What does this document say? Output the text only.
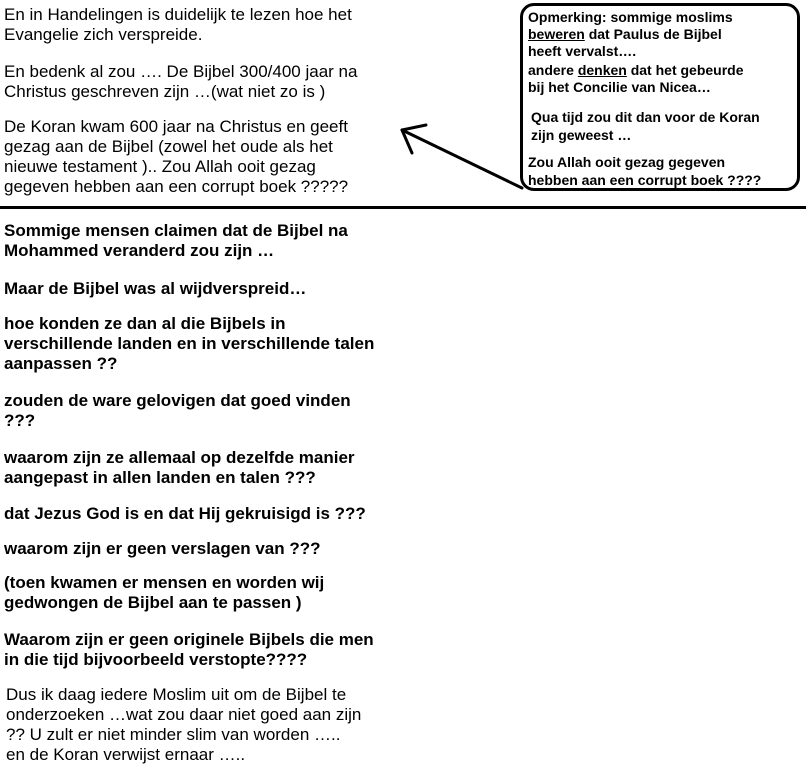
En in Handelingen is duidelijk te lezen hoe het
Evangelie zich verspreide.

En bedenk al zou …. De Bijbel 300/400 jaar na
Christus geschreven zijn …(wat niet zo is )

De Koran kwam 600 jaar na Christus en geeft
gezag aan de Bijbel (zowel het oude als het
nieuwe testament ).. Zou Allah ooit gezag
gegeven hebben aan een corrupt boek ?????

Opmerking: sommige moslims
beweren dat Paulus de Bijbel
heeft vervalst….
andere denken dat het gebeurde
bij het Concilie van Nicea…
Qua tijd zou dit dan voor de Koran
zijn geweest …
Zou Allah ooit gezag gegeven
hebben aan een corrupt boek ????

Sommige mensen claimen dat de Bijbel na
Mohammed veranderd zou zijn …

Maar de Bijbel was al wijdverspreid…

hoe konden ze dan al die Bijbels in
verschillende landen en in verschillende talen
aanpassen ??

zouden de ware gelovigen dat goed vinden
???

waarom zijn ze allemaal op dezelfde manier
aangepast in allen landen en talen ???

dat Jezus God is en dat Hij gekruisigd is ???

waarom zijn er geen verslagen van ???

(toen kwamen er mensen en worden wij
gedwongen de Bijbel aan te passen )

Waarom zijn er geen originele Bijbels die men
in die tijd bijvoorbeeld verstopte????

Dus ik daag iedere Moslim uit om de Bijbel te
onderzoeken …wat zou daar niet goed aan zijn
?? U zult er niet minder slim van worden …..
en de Koran verwijst ernaar …..
